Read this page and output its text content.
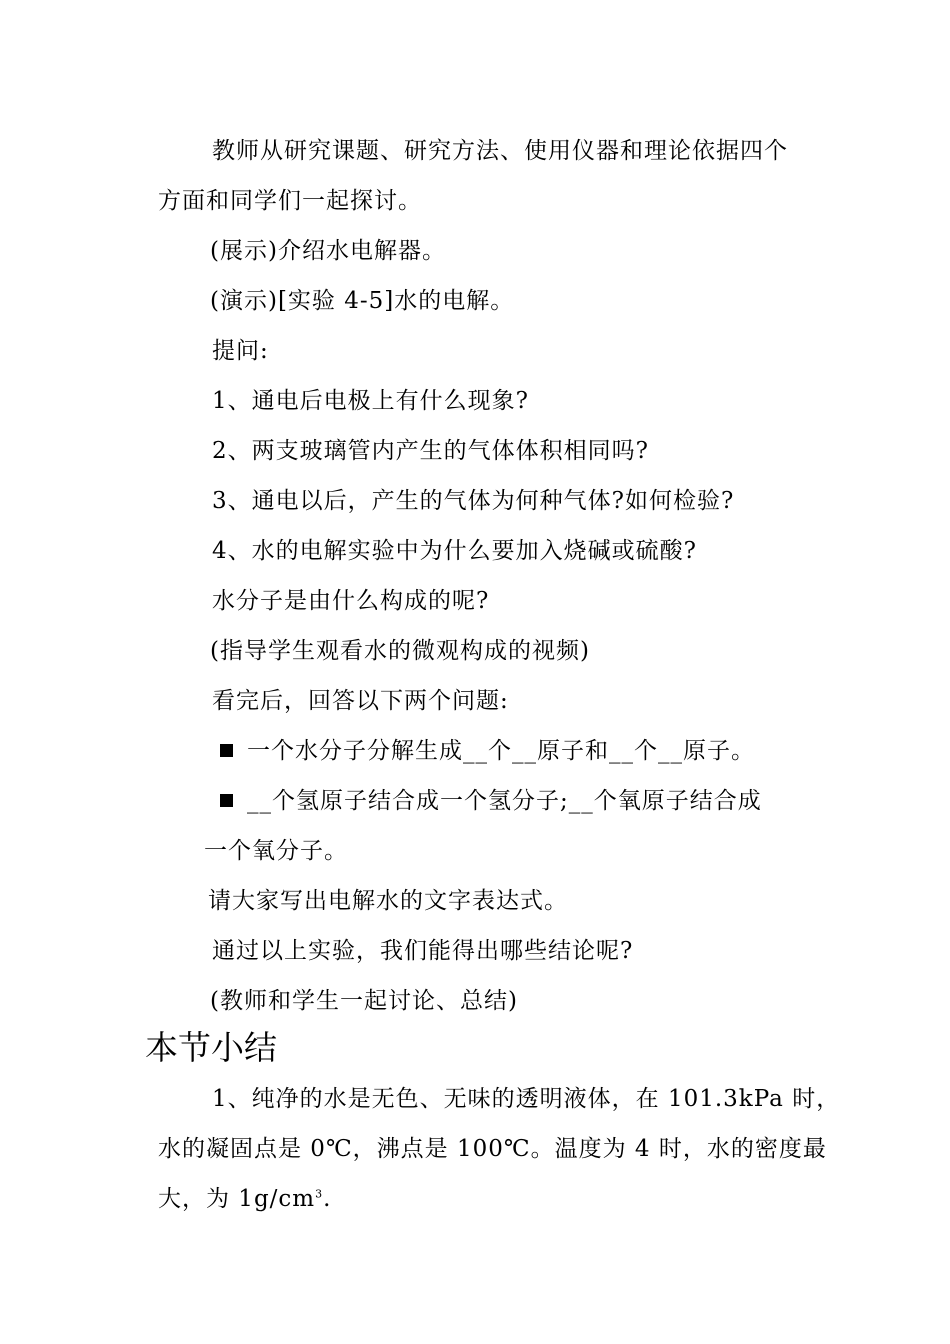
教师从研究课题、研究方法、使用仪器和理论依据四个
方面和同学们一起探讨。
(展示)介绍水电解器。
(演示)[实验 4-5]水的电解。
提问:
1、通电后电极上有什么现象?
2、两支玻璃管内产生的气体体积相同吗?
3、通电以后，产生的气体为何种气体?如何检验?
4、水的电解实验中为什么要加入烧碱或硫酸?
水分子是由什么构成的呢?
(指导学生观看水的微观构成的视频)
看完后，回答以下两个问题:
一个水分子分解生成__个__原子和__个__原子。
__个氢原子结合成一个氢分子;__个氧原子结合成
一个氧分子。
请大家写出电解水的文字表达式。
通过以上实验，我们能得出哪些结论呢?
(教师和学生一起讨论、总结)
本节小结
1、纯净的水是无色、无味的透明液体，在 101.3kPa 时，
水的凝固点是 0℃，沸点是 100℃。温度为 4 时，水的密度最
大，为 $1g/cm^3$.
